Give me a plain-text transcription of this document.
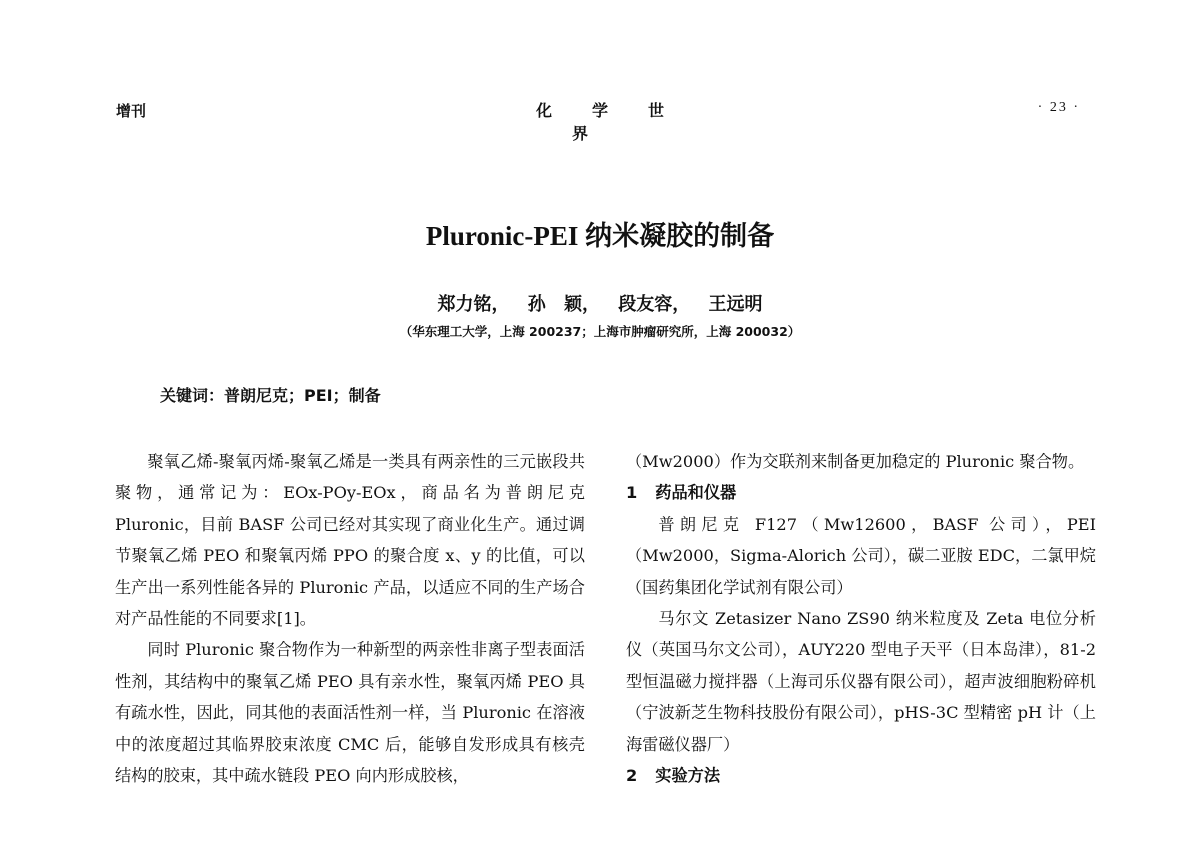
增刊	化学世界
· 23 ·
Pluronic-PEI 纳米凝胶的制备
郑力铭， 孙 颖， 段友容， 王远明
（华东理工大学，上海 200237；上海市肿瘤研究所，上海 200032）
关键词：普朗尼克；PEI；制备

聚氧乙烯-聚氧丙烯-聚氧乙烯是一类具有两亲性的三元嵌段共聚物，通常记为：EOx-POy-EOx，商品名为普朗尼克 Pluronic，目前 BASF 公司已经对其实现了商业化生产。通过调节聚氧乙烯 PEO 和聚氧丙烯 PPO 的聚合度 x、y 的比值，可以生产出一系列性能各异的 Pluronic 产品，以适应不同的生产场合对产品性能的不同要求[1]。

同时 Pluronic 聚合物作为一种新型的两亲性非离子型表面活性剂，其结构中的聚氧乙烯 PEO 具有亲水性，聚氧丙烯 PEO 具有疏水性，因此，同其他的表面活性剂一样，当 Pluronic 在溶液中的浓度超过其临界胶束浓度 CMC 后，能够自发形成具有核壳结构的胶束，其中疏水链段 PEO 向内形成胶核，

（Mw2000）作为交联剂来制备更加稳定的 Pluronic 聚合物。

1 药品和仪器

普朗尼克 F127（Mw12600，BASF 公司），PEI（Mw2000，Sigma-Alorich 公司），碳二亚胺 EDC，二氯甲烷（国药集团化学试剂有限公司）

马尔文 Zetasizer Nano ZS90 纳米粒度及 Zeta 电位分析仪（英国马尔文公司），AUY220 型电子天平（日本岛津），81-2 型恒温磁力搅拌器（上海司乐仪器有限公司），超声波细胞粉碎机（宁波新芝生物科技股份有限公司），pHS-3C 型精密 pH 计（上海雷磁仪器厂）

2 实验方法
